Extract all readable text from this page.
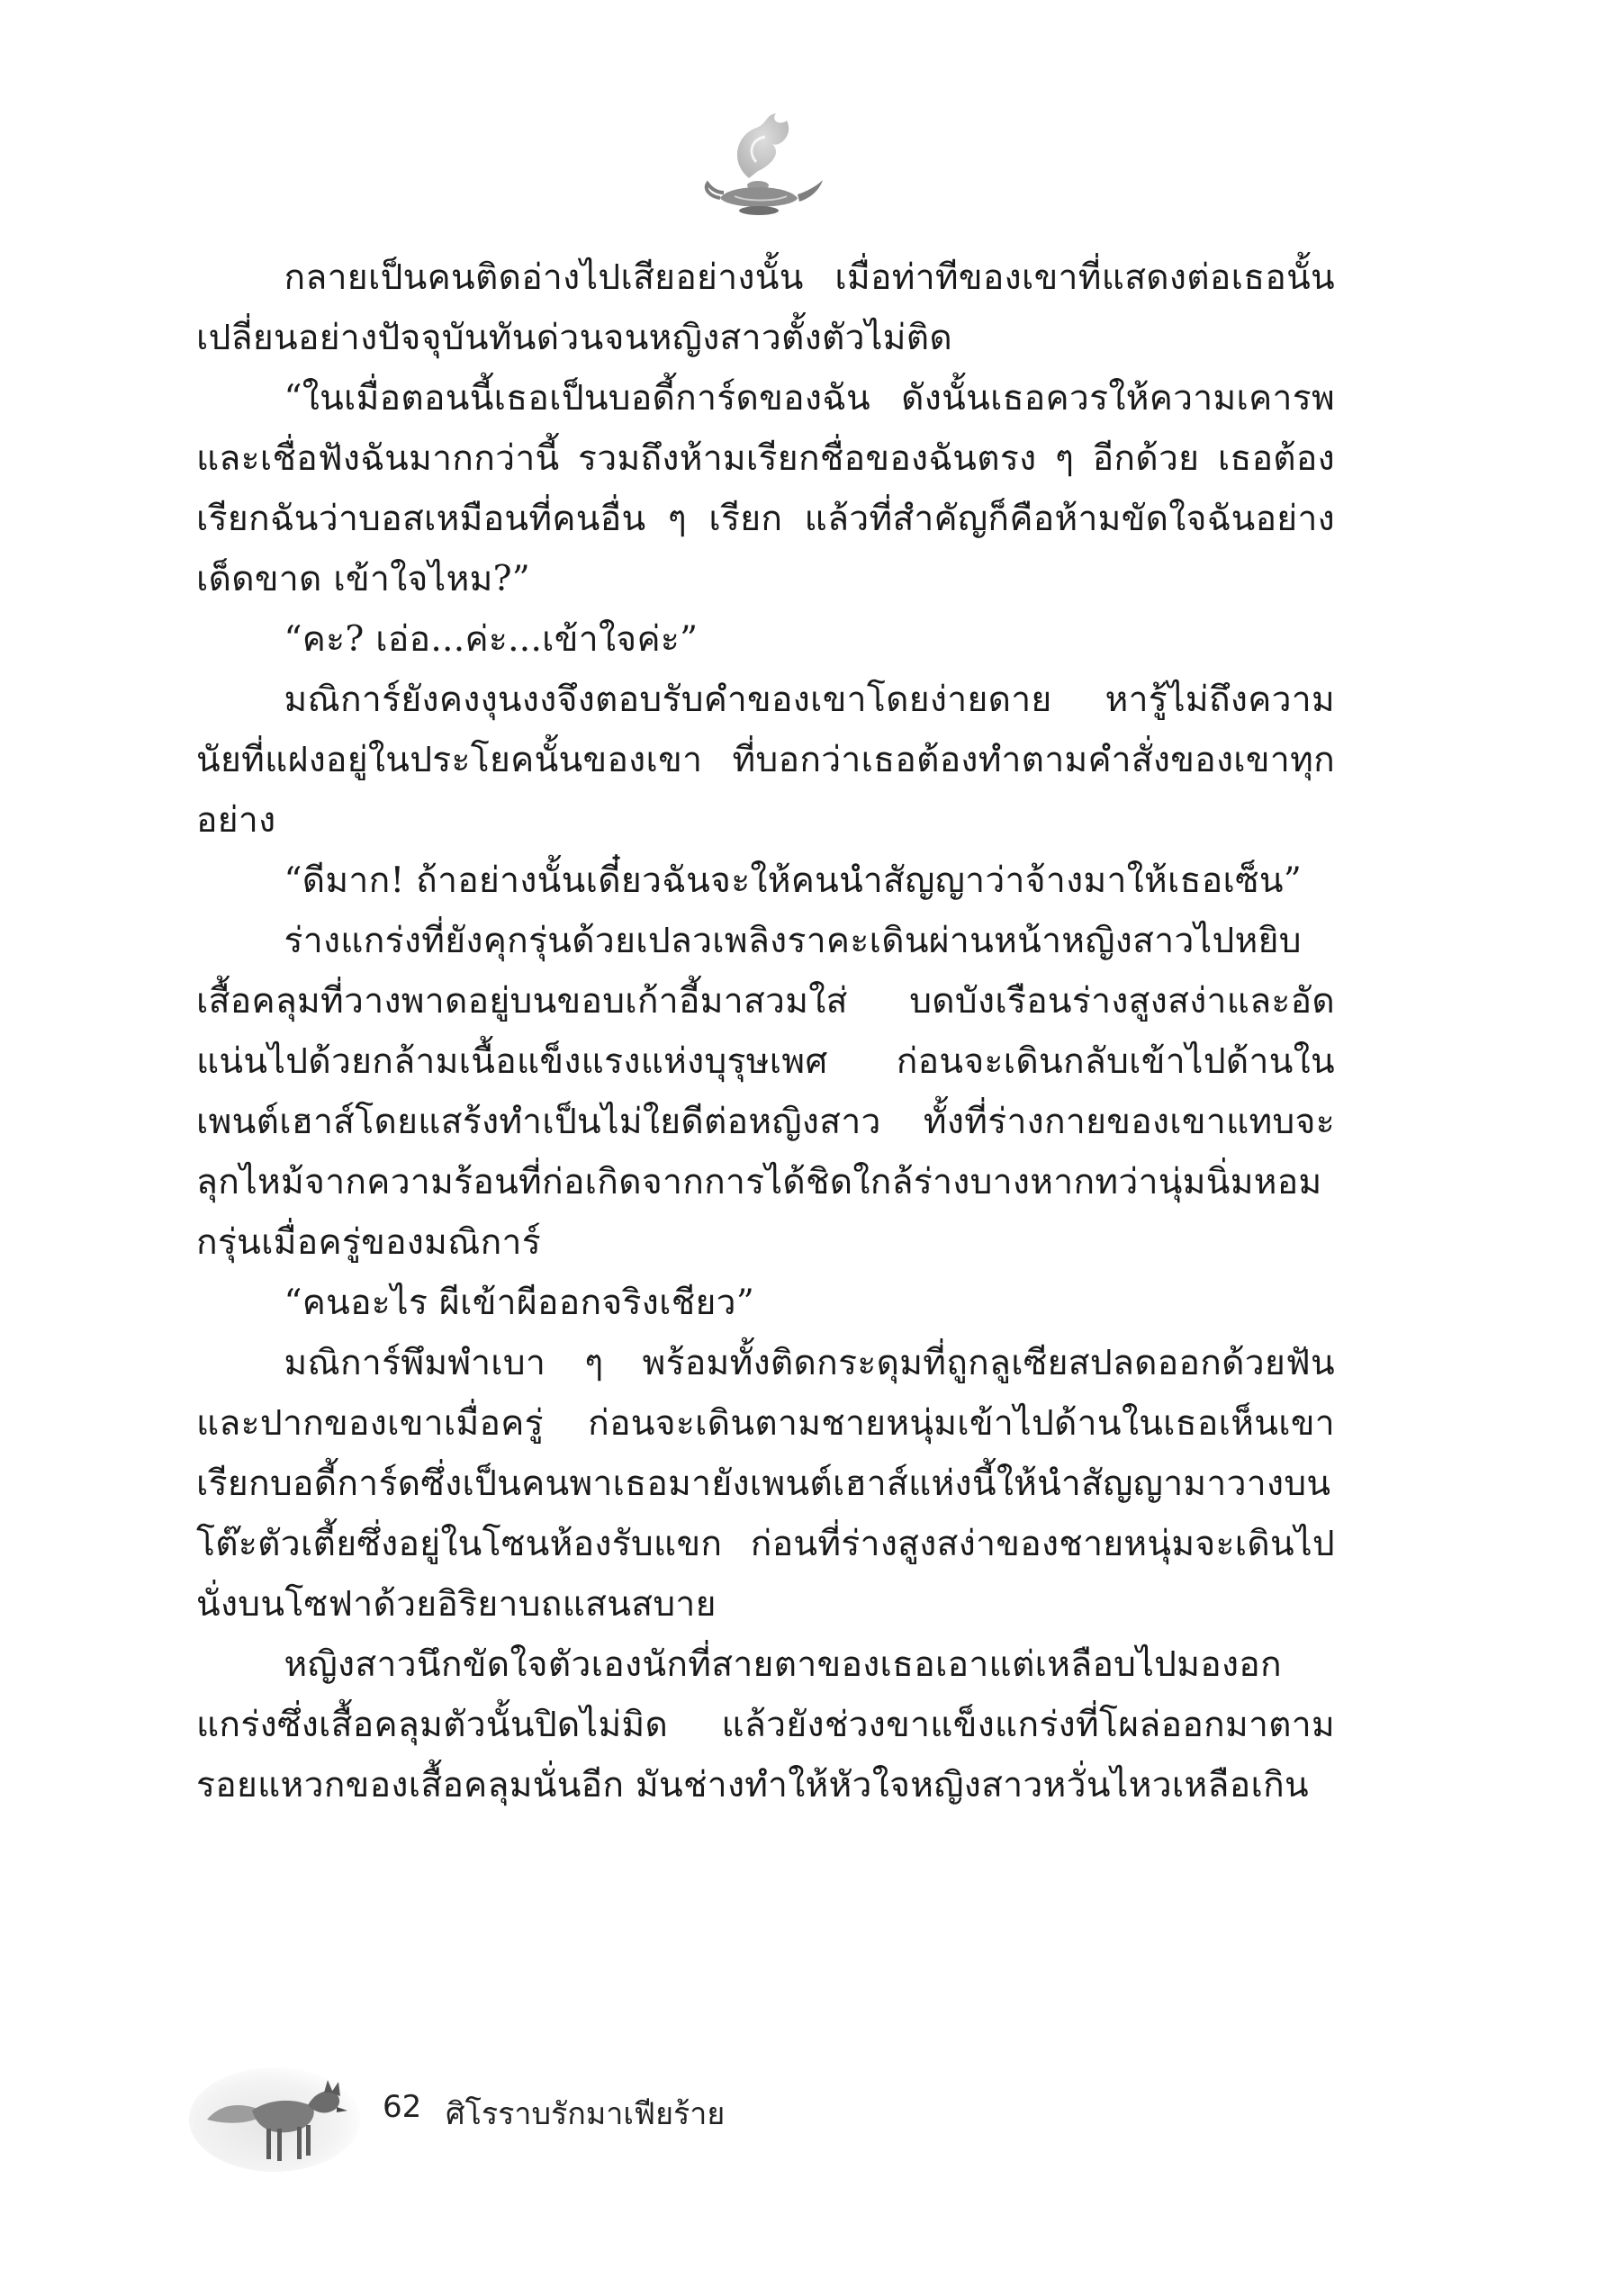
กลายเป็นคนติดอ่างไปเสียอย่างนั้น เมื่อท่าทีของเขาที่แสดงต่อเธอนั้นเปลี่ยนอย่างปัจจุบันทันด่วนจนหญิงสาวตั้งตัวไม่ติด

“ในเมื่อตอนนี้เธอเป็นบอดี้การ์ดของฉัน ดังนั้นเธอควรให้ความเคารพและเชื่อฟังฉันมากกว่านี้ รวมถึงห้ามเรียกชื่อของฉันตรง ๆ อีกด้วย เธอต้องเรียกฉันว่าบอสเหมือนที่คนอื่น ๆ เรียก แล้วที่สำคัญก็คือห้ามขัดใจฉันอย่างเด็ดขาด เข้าใจไหม?”

“คะ? เอ่อ...ค่ะ...เข้าใจค่ะ”

มณิการ์ยังคงงุนงงจึงตอบรับคำของเขาโดยง่ายดาย หารู้ไม่ถึงความนัยที่แฝงอยู่ในประโยคนั้นของเขา ที่บอกว่าเธอต้องทำตามคำสั่งของเขาทุกอย่าง

“ดีมาก! ถ้าอย่างนั้นเดี๋ยวฉันจะให้คนนำสัญญาว่าจ้างมาให้เธอเซ็น”

ร่างแกร่งที่ยังคุกรุ่นด้วยเปลวเพลิงราคะเดินผ่านหน้าหญิงสาวไปหยิบเสื้อคลุมที่วางพาดอยู่บนขอบเก้าอี้มาสวมใส่ บดบังเรือนร่างสูงสง่าและอัดแน่นไปด้วยกล้ามเนื้อแข็งแรงแห่งบุรุษเพศ ก่อนจะเดินกลับเข้าไปด้านในเพนต์เฮาส์โดยแสร้งทำเป็นไม่ใยดีต่อหญิงสาว ทั้งที่ร่างกายของเขาแทบจะลุกไหม้จากความร้อนที่ก่อเกิดจากการได้ชิดใกล้ร่างบางหากทว่านุ่มนิ่มหอมกรุ่นเมื่อครู่ของมณิการ์

“คนอะไร ผีเข้าผีออกจริงเชียว”

มณิการ์พึมพำเบา ๆ พร้อมทั้งติดกระดุมที่ถูกลูเซียสปลดออกด้วยฟันและปากของเขาเมื่อครู่ ก่อนจะเดินตามชายหนุ่มเข้าไปด้านในเธอเห็นเขาเรียกบอดี้การ์ดซึ่งเป็นคนพาเธอมายังเพนต์เฮาส์แห่งนี้ให้นำสัญญามาวางบนโต๊ะตัวเตี้ยซึ่งอยู่ในโซนห้องรับแขก ก่อนที่ร่างสูงสง่าของชายหนุ่มจะเดินไปนั่งบนโซฟาด้วยอิริยาบถแสนสบาย

หญิงสาวนึกขัดใจตัวเองนักที่สายตาของเธอเอาแต่เหลือบไปมองอกแกร่งซึ่งเสื้อคลุมตัวนั้นปิดไม่มิด แล้วยังช่วงขาแข็งแกร่งที่โผล่ออกมาตามรอยแหวกของเสื้อคลุมนั่นอีก มันช่างทำให้หัวใจหญิงสาวหวั่นไหวเหลือเกิน

62 ศิโรราบรักมาเฟียร้าย
